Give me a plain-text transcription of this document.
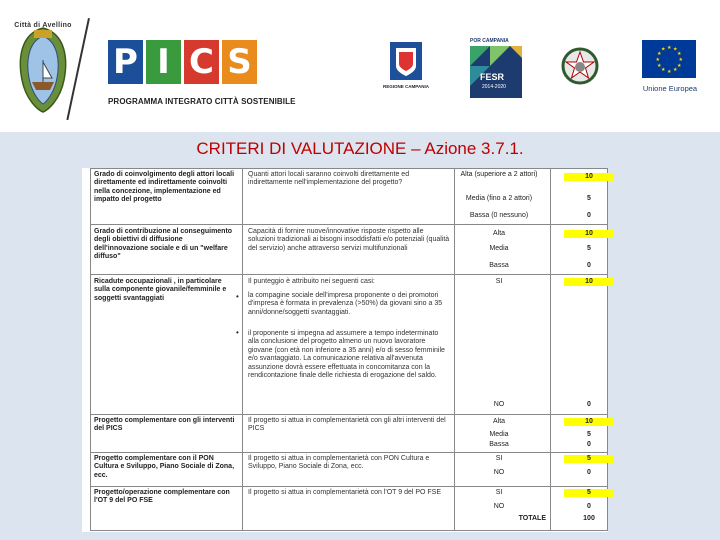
Città di Avellino
P I C S
PROGRAMMA INTEGRATO CITTÀ SOSTENIBILE
REGIONE CAMPANIA
POR CAMPANIA
FESR
2014-2020
★ ★
★
★
★
★
★
★
★
★
★
★
Unione Europea
CRITERI DI VALUTAZIONE – Azione 3.7.1.
Grado di coinvolgimento degli attori locali direttamente ed indirettamente coinvolti nella concezione, implementazione ed impatto del progetto
Quanti attori locali saranno coinvolti direttamente ed indirettamente nell'implementazione del progetto?
Alta (superiore a 2 attori)	10
Media (fino a 2 attori)	5
Bassa (0 nessuno)	0
Grado di contribuzione al conseguimento degli obiettivi di diffusione dell'innovazione sociale e di un "welfare diffuso"
Capacità di fornire nuove/innovative risposte rispetto alle soluzioni tradizionali ai bisogni insoddisfatti e/o potenziali (qualità del servizio) anche attraverso servizi multifunzionali
Alta	10
Media	5
Bassa	0
Ricadute occupazionali , in particolare sulla componente giovanile/femminile e soggetti svantaggiati
Il punteggio è attribuito nei seguenti casi:
• la compagine sociale dell'impresa proponente o dei promotori d'impresa è formata in prevalenza (>50%) da giovani sino a 35 anni/donne/soggetti svantaggiati.
• il proponente si impegna ad assumere a tempo indeterminato alla conclusione del progetto almeno un nuovo lavoratore giovane (con età non inferiore a 35 anni) e/o di sesso femminile e/o svantaggiato. La comunicazione relativa all'avvenuta assunzione dovrà essere effettuata in concomitanza con la rendicontazione finale delle richiesta di erogazione del saldo.
SI	10
NO	0
Progetto complementare con gli interventi del PICS
Il progetto si attua in complementarietà con gli altri interventi del PICS
Alta	10
Media	5
Bassa	0
Progetto complementare con il PON Cultura e Sviluppo, Piano Sociale di Zona, ecc.
Il progetto si attua in complementarietà con PON Cultura e Sviluppo, Piano Sociale di Zona, ecc.
SI	5
NO	0
Progetto/operazione complementare con l'OT 9 del PO FSE
Il progetto si attua in complementarietà con l'OT 9 del PO FSE	SI	5
NO	0
TOTALE	100
